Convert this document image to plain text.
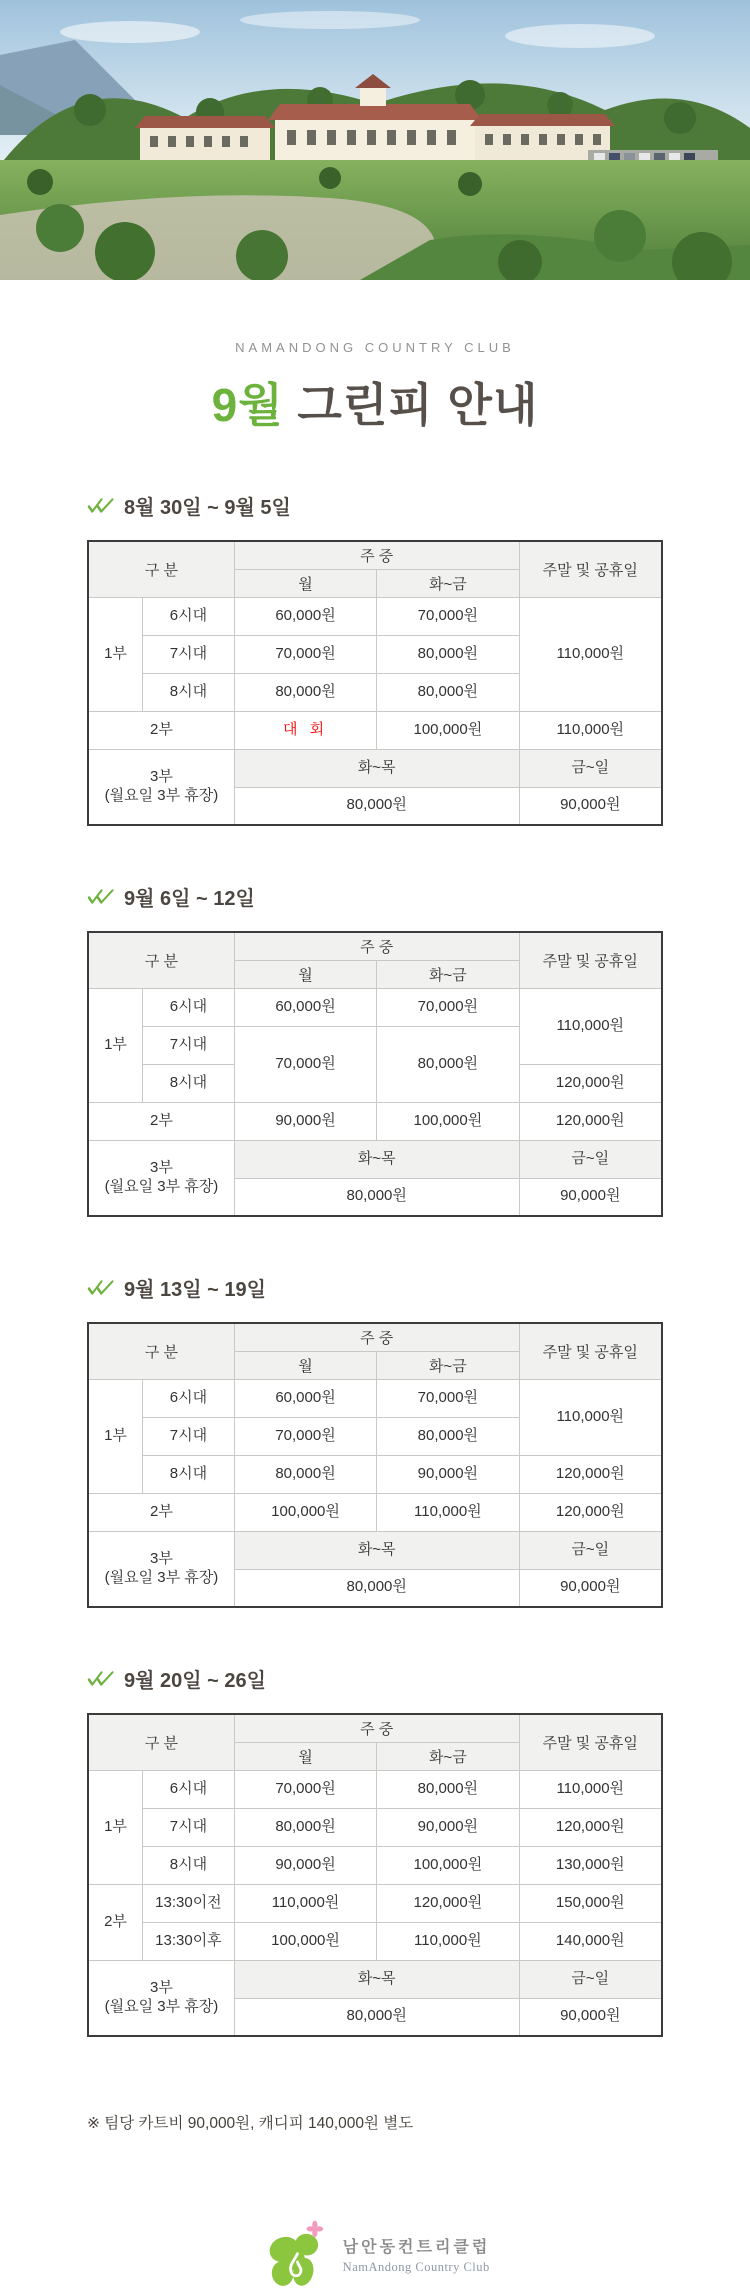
NAMANDONG COUNTRY CLUB

9월 그린피 안내
8월 30일 ~ 9월 5일
구 분		주 중		주말 및 공휴일
		월	화~금	
1부	6시대	60,000원	70,000원	110,000원
	7시대	70,000원	80,000원	
	8시대	80,000원	80,000원	
2부		대 회	100,000원	110,000원
3부
(월요일 3부 휴장)		화~목		금~일
		80,000원		90,000원
9월 6일 ~ 12일
구 분		주 중		주말 및 공휴일
		월	화~금	
1부	6시대	60,000원	70,000원	110,000원
	7시대	70,000원	80,000원	
	8시대			120,000원
2부		90,000원	100,000원	120,000원
3부
(월요일 3부 휴장)		화~목		금~일
		80,000원		90,000원
9월 13일 ~ 19일
구 분		주 중		주말 및 공휴일
		월	화~금	
1부	6시대	60,000원	70,000원	110,000원
	7시대	70,000원	80,000원	
	8시대	80,000원	90,000원	120,000원
2부		100,000원	110,000원	120,000원
3부
(월요일 3부 휴장)		화~목		금~일
		80,000원		90,000원
9월 20일 ~ 26일
구 분		주 중		주말 및 공휴일
		월	화~금	
1부	6시대	70,000원	80,000원	110,000원
	7시대	80,000원	90,000원	120,000원
	8시대	90,000원	100,000원	130,000원
2부	13:30이전	110,000원	120,000원	150,000원
	13:30이후	100,000원	110,000원	140,000원
3부
(월요일 3부 휴장)		화~목		금~일
		80,000원		90,000원

※ 팀당 카트비 90,000원, 캐디피 140,000원 별도

남안동컨트리클럽
NamAndong Country Club
